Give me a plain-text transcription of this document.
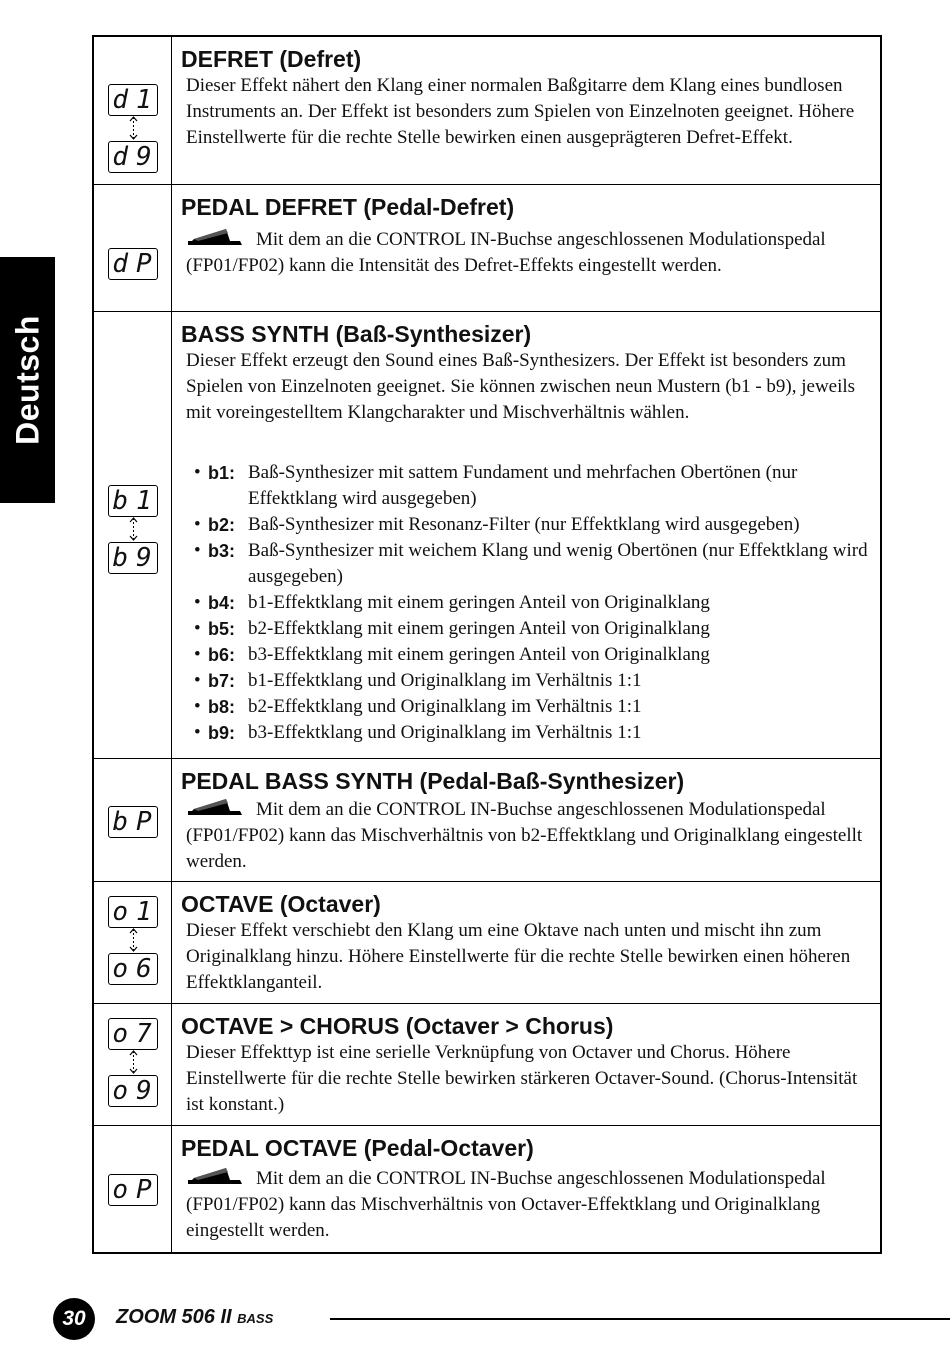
Deutsch
d1
d9
DEFRET (Defret)
Dieser Effekt nähert den Klang einer normalen Baßgitarre dem Klang eines bundlosen Instruments an. Der Effekt ist besonders zum Spielen von Einzelnoten geeignet. Höhere Einstellwerte für die rechte Stelle bewirken einen ausgeprägteren Defret-Effekt.
dP
PEDAL DEFRET (Pedal-Defret)
Mit dem an die CONTROL IN-Buchse angeschlossenen Modulationspedal (FP01/FP02) kann die Intensität des Defret-Effekts eingestellt werden.
b1
b9
BASS SYNTH (Baß-Synthesizer)
Dieser Effekt erzeugt den Sound eines Baß-Synthesizers. Der Effekt ist besonders zum Spielen von Einzelnoten geeignet. Sie können zwischen neun Mustern (b1 - b9), jeweils mit voreingestelltem Klangcharakter und Mischverhältnis wählen.
• b1: Baß-Synthesizer mit sattem Fundament und mehrfachen Obertönen (nur Effektklang wird ausgegeben)
• b2: Baß-Synthesizer mit Resonanz-Filter (nur Effektklang wird ausgegeben)
• b3: Baß-Synthesizer mit weichem Klang und wenig Obertönen (nur Effektklang wird ausgegeben)
• b4: b1-Effektklang mit einem geringen Anteil von Originalklang
• b5: b2-Effektklang mit einem geringen Anteil von Originalklang
• b6: b3-Effektklang mit einem geringen Anteil von Originalklang
• b7: b1-Effektklang und Originalklang im Verhältnis 1:1
• b8: b2-Effektklang und Originalklang im Verhältnis 1:1
• b9: b3-Effektklang und Originalklang im Verhältnis 1:1
bP
PEDAL BASS SYNTH (Pedal-Baß-Synthesizer)
Mit dem an die CONTROL IN-Buchse angeschlossenen Modulationspedal (FP01/FP02) kann das Mischverhältnis von b2-Effektklang und Originalklang eingestellt werden.
o1
o6
OCTAVE (Octaver)
Dieser Effekt verschiebt den Klang um eine Oktave nach unten und mischt ihn zum Originalklang hinzu. Höhere Einstellwerte für die rechte Stelle bewirken einen höheren Effektklanganteil.
o7
o9
OCTAVE > CHORUS (Octaver > Chorus)
Dieser Effekttyp ist eine serielle Verknüpfung von Octaver und Chorus. Höhere Einstellwerte für die rechte Stelle bewirken stärkeren Octaver-Sound. (Chorus-Intensität ist konstant.)
oP
PEDAL OCTAVE (Pedal-Octaver)
Mit dem an die CONTROL IN-Buchse angeschlossenen Modulationspedal (FP01/FP02) kann das Mischverhältnis von Octaver-Effektklang und Originalklang eingestellt werden.
30	ZOOM 506 II BASS
